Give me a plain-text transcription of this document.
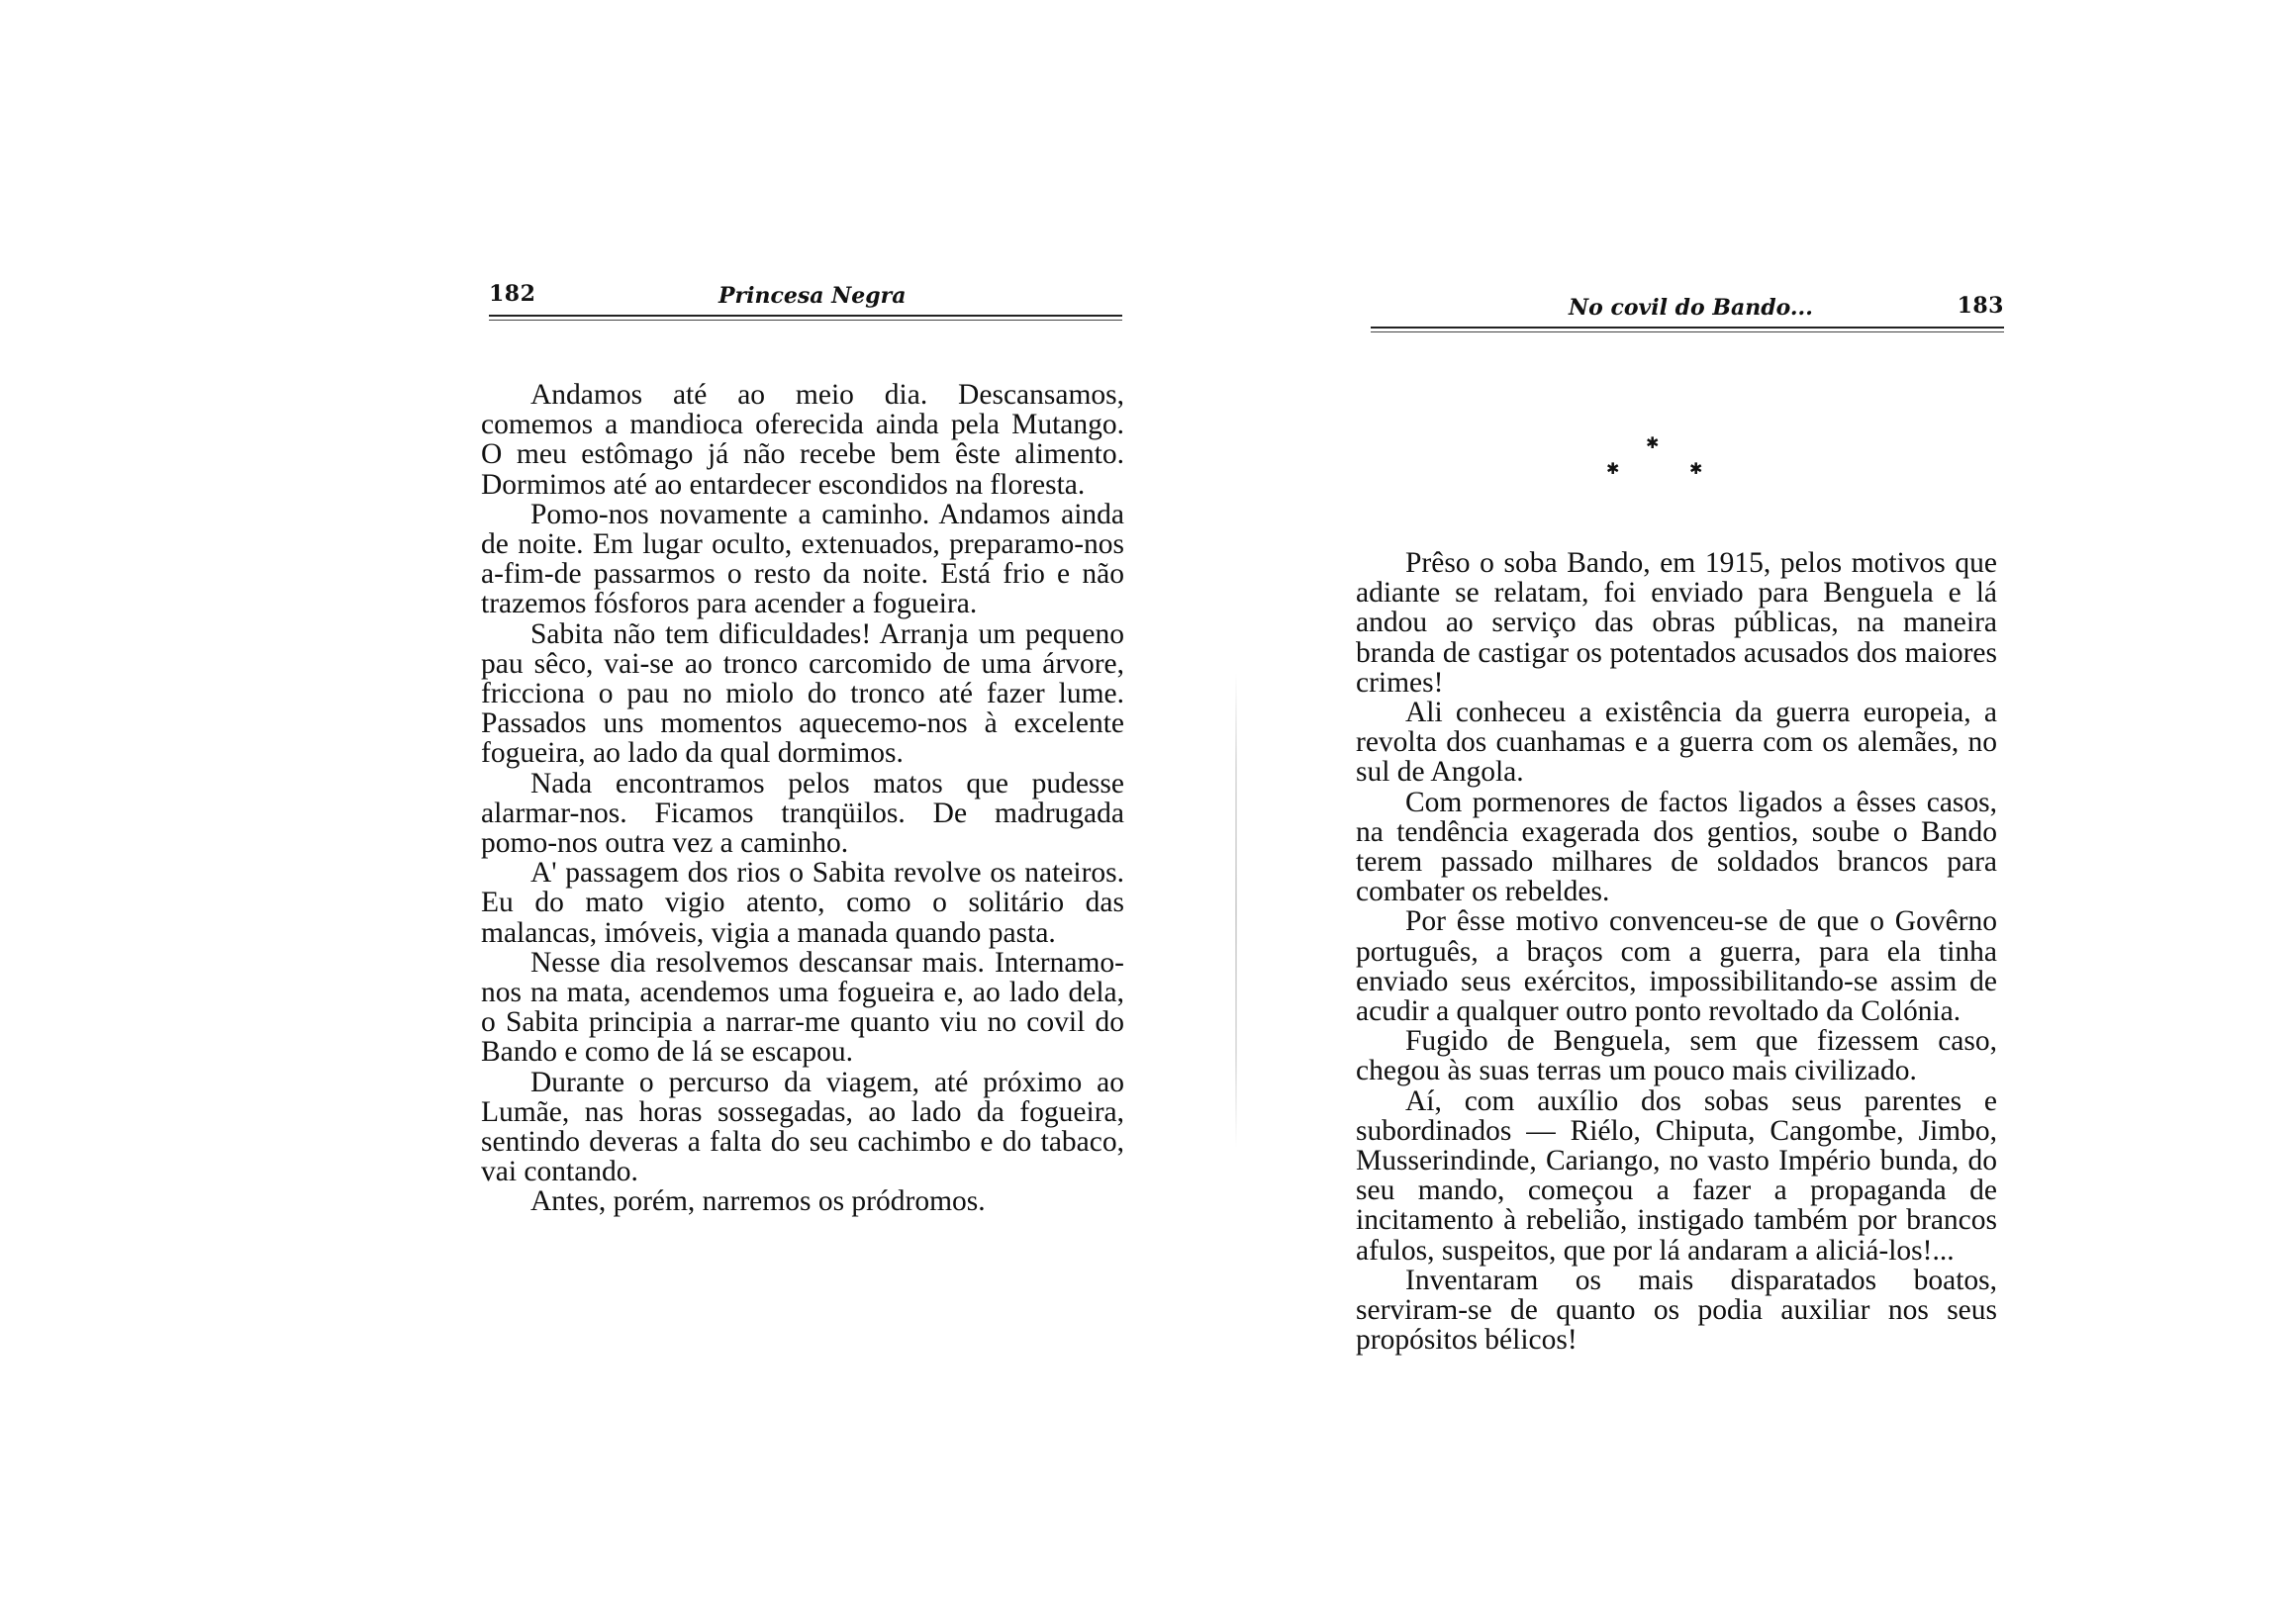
182	Princesa Negra

Andamos até ao meio dia. Descansamos, comemos a mandioca oferecida ainda pela Mutango. O meu estômago já não recebe bem êste alimento. Dormimos até ao entardecer escondidos na floresta.

Pomo-nos novamente a caminho. Andamos ainda de noite. Em lugar oculto, extenuados, preparamo-nos a-fim-de passarmos o resto da noite. Está frio e não trazemos fósforos para acender a fogueira.

Sabita não tem dificuldades! Arranja um pequeno pau sêco, vai-se ao tronco carcomido de uma árvore, fricciona o pau no miolo do tronco até fazer lume. Passados uns momentos aquecemo-nos à excelente fogueira, ao lado da qual dormimos.

Nada encontramos pelos matos que pudesse alarmar-nos. Ficamos tranqüilos. De madrugada pomo-nos outra vez a caminho.

A' passagem dos rios o Sabita revolve os nateiros. Eu do mato vigio atento, como o solitário das malancas, imóveis, vigia a manada quando pasta.

Nesse dia resolvemos descansar mais. Internamo-nos na mata, acendemos uma fogueira e, ao lado dela, o Sabita principia a narrar-me quanto viu no covil do Bando e como de lá se escapou.

Durante o percurso da viagem, até próximo ao Lumãe, nas horas sossegadas, ao lado da fogueira, sentindo deveras a falta do seu cachimbo e do tabaco, vai contando.

Antes, porém, narremos os pródromos.

No covil do Bando...	183
✱
✱	✱

Prêso o soba Bando, em 1915, pelos motivos que adiante se relatam, foi enviado para Benguela e lá andou ao serviço das obras públicas, na maneira branda de castigar os potentados acusados dos maiores crimes!

Ali conheceu a existência da guerra europeia, a revolta dos cuanhamas e a guerra com os alemães, no sul de Angola.

Com pormenores de factos ligados a êsses casos, na tendência exagerada dos gentios, soube o Bando terem passado milhares de soldados brancos para combater os rebeldes.

Por êsse motivo convenceu-se de que o Govêrno português, a braços com a guerra, para ela tinha enviado seus exércitos, impossibilitando-se assim de acudir a qualquer outro ponto revoltado da Colónia.

Fugido de Benguela, sem que fizessem caso, chegou às suas terras um pouco mais civilizado.

Aí, com auxílio dos sobas seus parentes e subordinados — Riélo, Chiputa, Cangombe, Jimbo, Musserindinde, Cariango, no vasto Império bunda, do seu mando, começou a fazer a propaganda de incitamento à rebelião, instigado também por brancos afulos, suspeitos, que por lá andaram a aliciá-los!...

Inventaram os mais disparatados boatos, serviram-se de quanto os podia auxiliar nos seus propósitos bélicos!
